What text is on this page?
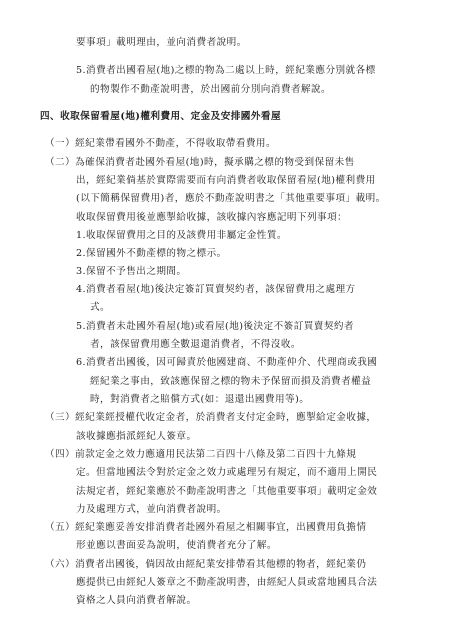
要事項」載明理由，並向消費者說明。
5.消費者出國看屋(地)之標的物為二處以上時，經紀業應分別就各標
的物製作不動產說明書，於出國前分別向消費者解說。
四、收取保留看屋(地)權利費用、定金及安排國外看屋
（一）經紀業帶看國外不動產，不得收取帶看費用。
（二）為確保消費者赴國外看屋(地)時，擬承購之標的物受到保留未售
出，經紀業倘基於實際需要而有向消費者收取保留看屋(地)權利費用
(以下簡稱保留費用)者，應於不動產說明書之「其他重要事項」載明。
收取保留費用後並應掣給收據，該收據內容應記明下列事項：
1.收取保留費用之目的及該費用非屬定金性質。
2.保留國外不動產標的物之標示。
3.保留不予售出之期間。
4.消費者看屋(地)後決定簽訂買賣契約者，該保留費用之處理方
式。
5.消費者未赴國外看屋(地)或看屋(地)後決定不簽訂買賣契約者
者，該保留費用應全數退還消費者，不得沒收。
6.消費者出國後，因可歸責於他國建商、不動產仲介、代理商或我國
經紀業之事由，致該應保留之標的物未予保留而損及消費者權益
時，對消費者之賠償方式(如：退還出國費用等)。
（三）經紀業經授權代收定金者，於消費者支付定金時，應掣給定金收據，
該收據應指派經紀人簽章。
（四）前款定金之效力應適用民法第二百四十八條及第二百四十九條規
定。但當地國法令對於定金之效力或處理另有規定，而不適用上開民
法規定者，經紀業應於不動產說明書之「其他重要事項」載明定金效
力及處理方式，並向消費者說明。
（五）經紀業應妥善安排消費者赴國外看屋之相關事宜，出國費用負擔情
形並應以書面妥為說明，使消費者充分了解。
（六）消費者出國後，倘因故由經紀業安排帶看其他標的物者，經紀業仍
應提供已由經紀人簽章之不動產說明書，由經紀人員或當地國具合法
資格之人員向消費者解說。
